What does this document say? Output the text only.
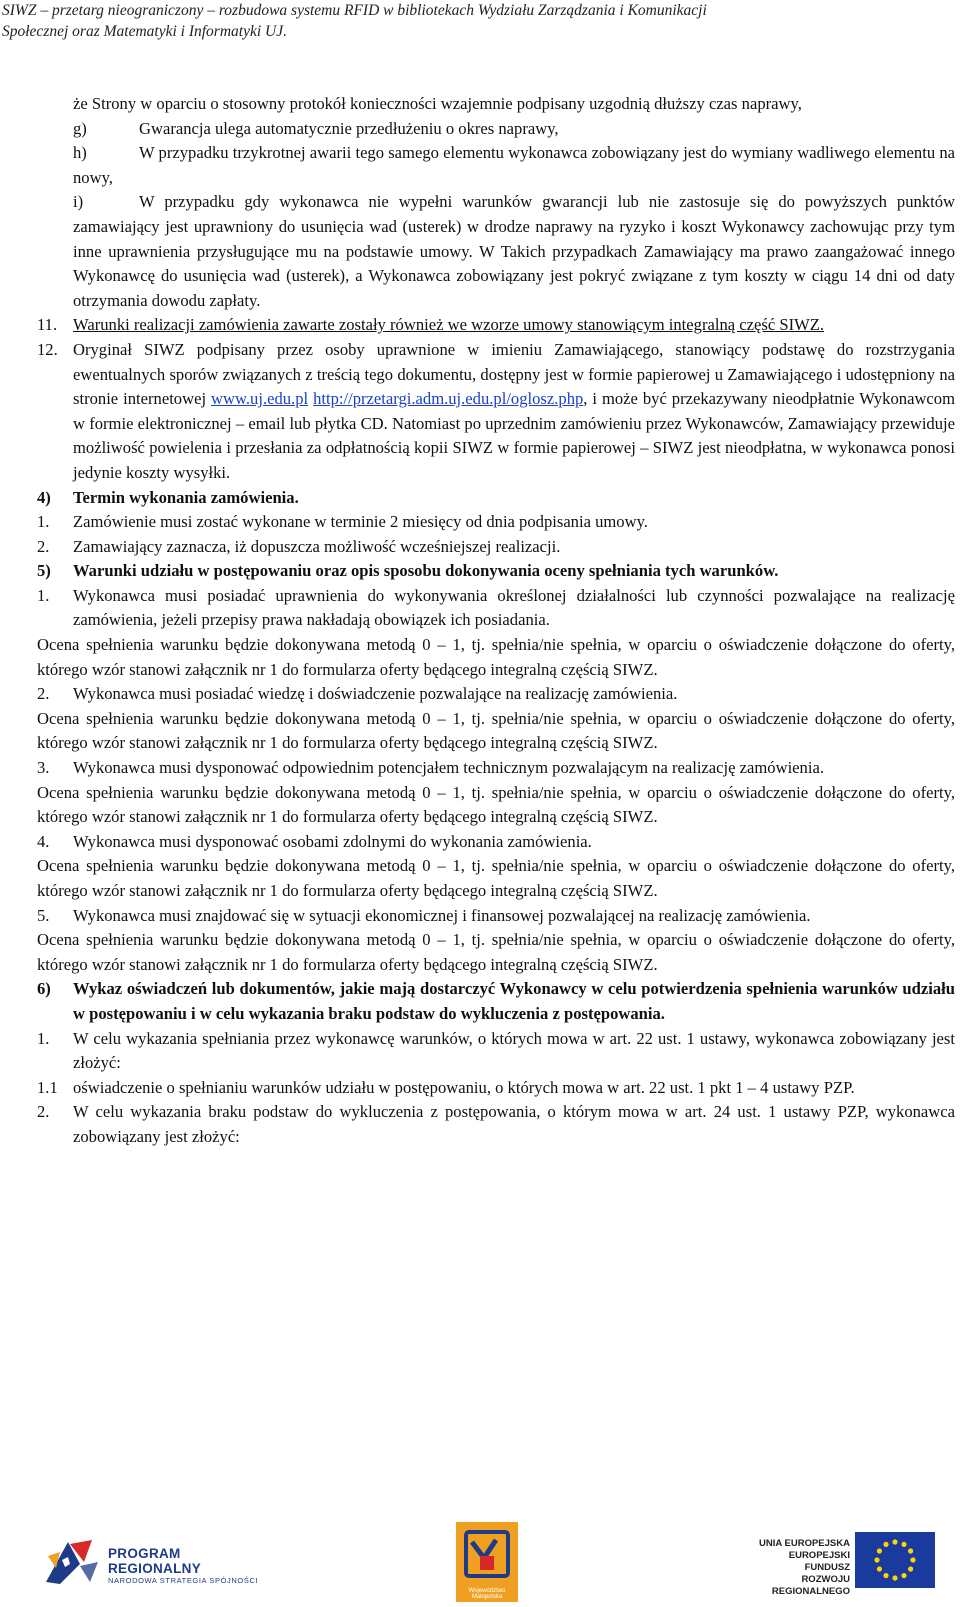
SIWZ – przetarg nieograniczony – rozbudowa systemu RFID w bibliotekach Wydziału Zarządzania i Komunikacji
Społecznej oraz Matematyki i Informatyki UJ.

że Strony w oparciu o stosowny protokół konieczności wzajemnie podpisany uzgodnią dłuższy czas naprawy,

g)	Gwarancja ulega automatycznie przedłużeniu o okres naprawy,
h)	W przypadku trzykrotnej awarii tego samego elementu wykonawca zobowiązany jest do wymiany wadliwego elementu na nowy,
i)	W przypadku gdy wykonawca nie wypełni warunków gwarancji lub nie zastosuje się do powyższych punktów zamawiający jest uprawniony do usunięcia wad (usterek) w drodze naprawy na ryzyko i koszt Wykonawcy zachowując przy tym inne uprawnienia przysługujące mu na podstawie umowy. W Takich przypadkach Zamawiający ma prawo zaangażować innego Wykonawcę do usunięcia wad (usterek), a Wykonawca zobowiązany jest pokryć związane z tym koszty w ciągu 14 dni od daty otrzymania dowodu zapłaty.
11. Warunki realizacji zamówienia zawarte zostały również we wzorze umowy stanowiącym integralną część SIWZ.
12. Oryginał SIWZ podpisany przez osoby uprawnione w imieniu Zamawiającego, stanowiący podstawę do rozstrzygania ewentualnych sporów związanych z treścią tego dokumentu, dostępny jest w formie papierowej u Zamawiającego i udostępniony na stronie internetowej www.uj.edu.pl http://przetargi.adm.uj.edu.pl/oglosz.php, i może być przekazywany nieodpłatnie Wykonawcom w formie elektronicznej – email lub płytka CD. Natomiast po uprzednim zamówieniu przez Wykonawców, Zamawiający przewiduje możliwość powielenia i przesłania za odpłatnością kopii SIWZ w formie papierowej – SIWZ jest nieodpłatna, w wykonawca ponosi jedynie koszty wysyłki.
4)	Termin wykonania zamówienia.
1.	Zamówienie musi zostać wykonane w terminie 2 miesięcy od dnia podpisania umowy.
2.	Zamawiający zaznacza, iż dopuszcza możliwość wcześniejszej realizacji.
5)	Warunki udziału w postępowaniu oraz opis sposobu dokonywania oceny spełniania tych warunków.
1.	Wykonawca musi posiadać uprawnienia do wykonywania określonej działalności lub czynności pozwalające na realizację zamówienia, jeżeli przepisy prawa nakładają obowiązek ich posiadania.

Ocena spełnienia warunku będzie dokonywana metodą 0 – 1, tj. spełnia/nie spełnia, w oparciu o oświadczenie dołączone do oferty, którego wzór stanowi załącznik nr 1 do formularza oferty będącego integralną częścią SIWZ.

2.	Wykonawca musi posiadać wiedzę i doświadczenie pozwalające na realizację zamówienia.

Ocena spełnienia warunku będzie dokonywana metodą 0 – 1, tj. spełnia/nie spełnia, w oparciu o oświadczenie dołączone do oferty, którego wzór stanowi załącznik nr 1 do formularza oferty będącego integralną częścią SIWZ.

3.	Wykonawca musi dysponować odpowiednim potencjałem technicznym pozwalającym na realizację zamówienia.

Ocena spełnienia warunku będzie dokonywana metodą 0 – 1, tj. spełnia/nie spełnia, w oparciu o oświadczenie dołączone do oferty, którego wzór stanowi załącznik nr 1 do formularza oferty będącego integralną częścią SIWZ.

4.	Wykonawca musi dysponować osobami zdolnymi do wykonania zamówienia.

Ocena spełnienia warunku będzie dokonywana metodą 0 – 1, tj. spełnia/nie spełnia, w oparciu o oświadczenie dołączone do oferty, którego wzór stanowi załącznik nr 1 do formularza oferty będącego integralną częścią SIWZ.

5.	Wykonawca musi znajdować się w sytuacji ekonomicznej i finansowej pozwalającej na realizację zamówienia.

Ocena spełnienia warunku będzie dokonywana metodą 0 – 1, tj. spełnia/nie spełnia, w oparciu o oświadczenie dołączone do oferty, którego wzór stanowi załącznik nr 1 do formularza oferty będącego integralną częścią SIWZ.

6)	Wykaz oświadczeń lub dokumentów, jakie mają dostarczyć Wykonawcy w celu potwierdzenia spełnienia warunków udziału w postępowaniu i w celu wykazania braku podstaw do wykluczenia z postępowania.
1.	W celu wykazania spełniania przez wykonawcę warunków, o których mowa w art. 22 ust. 1 ustawy, wykonawca zobowiązany jest złożyć:
1.1 oświadczenie o spełnianiu warunków udziału w postępowaniu, o których mowa w art. 22 ust. 1 pkt 1 – 4 ustawy PZP.
2.	W celu wykazania braku podstaw do wykluczenia z postępowania, o którym mowa w art. 24 ust. 1 ustawy PZP, wykonawca zobowiązany jest złożyć:
PROGRAM REGIONALNY
NARODOWA STRATEGIA SPÓJNOŚCI
Województwo Małopolska
UNIA EUROPEJSKA
EUROPEJSKI FUNDUSZ
ROZWOJU REGIONALNEGO
